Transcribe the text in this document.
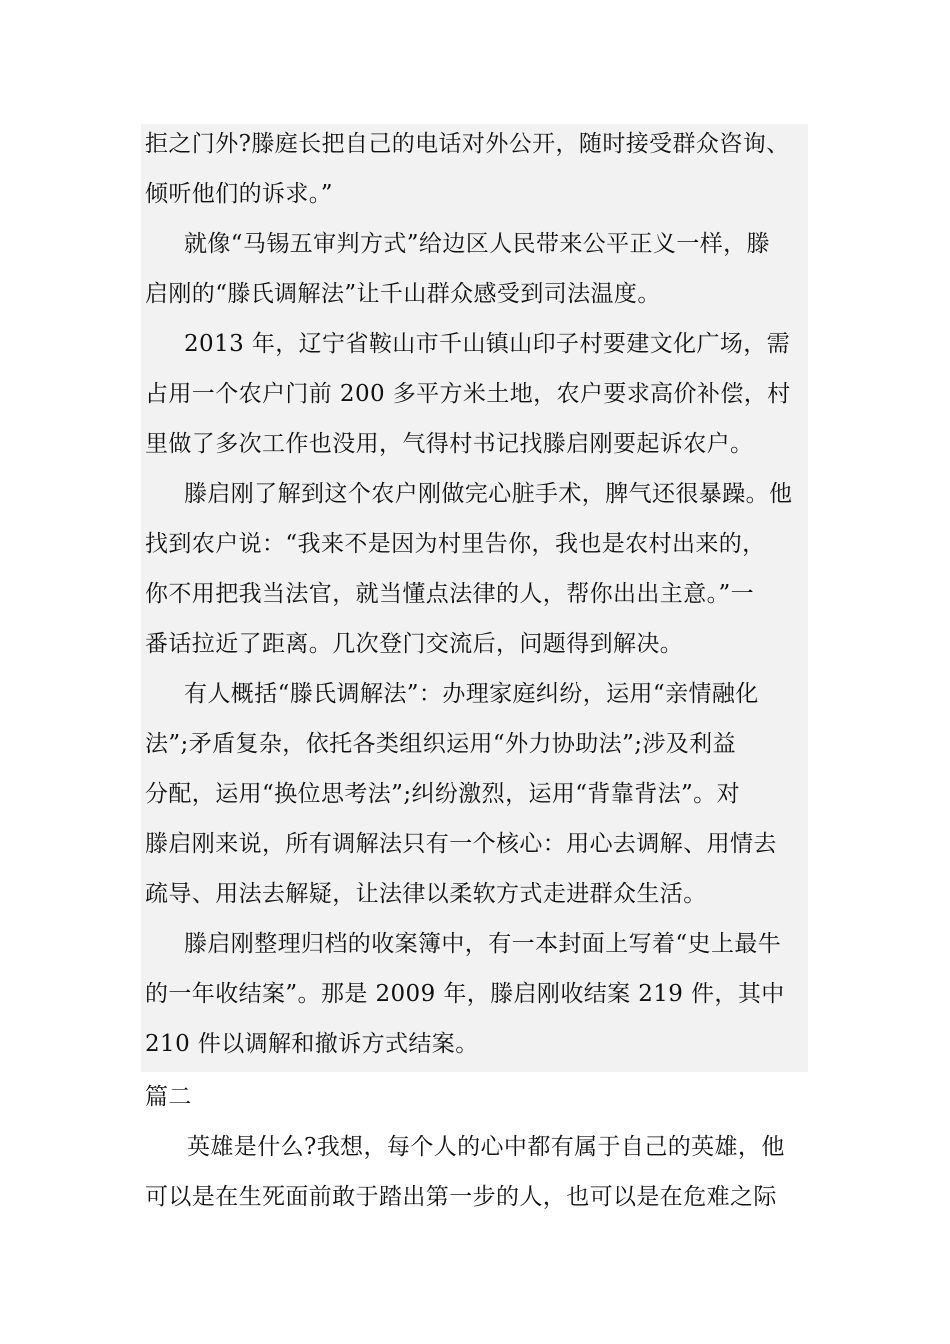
拒之门外?滕庭长把自己的电话对外公开，随时接受群众咨询、
倾听他们的诉求。”
就像“马锡五审判方式”给边区人民带来公平正义一样，滕
启刚的“滕氏调解法”让千山群众感受到司法温度。
2013 年，辽宁省鞍山市千山镇山印子村要建文化广场，需
占用一个农户门前 200 多平方米土地，农户要求高价补偿，村
里做了多次工作也没用，气得村书记找滕启刚要起诉农户。
滕启刚了解到这个农户刚做完心脏手术，脾气还很暴躁。他
找到农户说：“我来不是因为村里告你，我也是农村出来的，
你不用把我当法官，就当懂点法律的人，帮你出出主意。”一
番话拉近了距离。几次登门交流后，问题得到解决。
有人概括“滕氏调解法”：办理家庭纠纷，运用“亲情融化
法”;矛盾复杂，依托各类组织运用“外力协助法”;涉及利益
分配，运用“换位思考法”;纠纷激烈，运用“背靠背法”。对
滕启刚来说，所有调解法只有一个核心：用心去调解、用情去
疏导、用法去解疑，让法律以柔软方式走进群众生活。
滕启刚整理归档的收案簿中，有一本封面上写着“史上最牛
的一年收结案”。那是 2009 年，滕启刚收结案 219 件，其中
210 件以调解和撤诉方式结案。
篇二
英雄是什么?我想，每个人的心中都有属于自己的英雄，他
可以是在生死面前敢于踏出第一步的人，也可以是在危难之际
